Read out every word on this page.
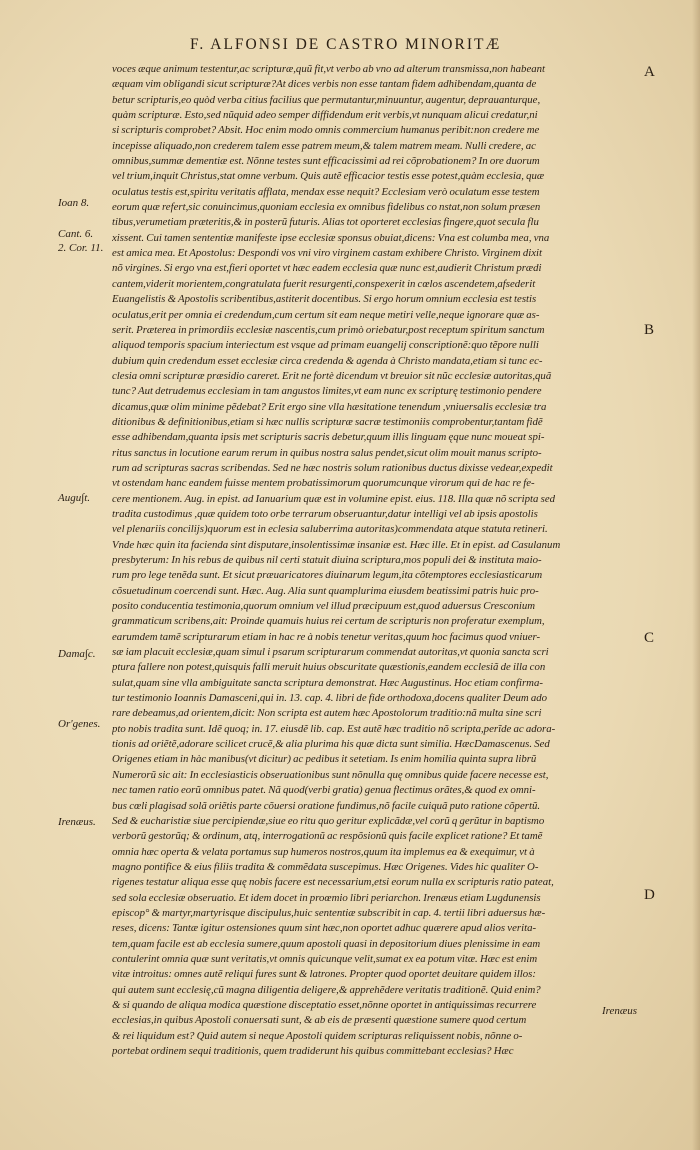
F. ALFONSI DE CASTRO MINORITÆ
voces æque animum testentur,ac scripturæ,quũ fit,vt verbo ab vno ad alterum transmissa,non habeant
æquam vim obligandi sicut scripturæ?At dices verbis non esse tantam fidem adhibendam,quanta de
betur scripturis,eo quòd verba citius facilius que permutantur,minuuntur, augentur, deprauanturque,
quàm scripturæ. Esto,sed nũquid adeo semper diffidendum erit verbis,vt nunquam alicui credatur,ni
si scripturis comprobet? Absit. Hoc enim modo omnis commercium humanus peribit:non credere me
incepisse aliquado,non crederem talem esse patrem meum,& talem matrem meam. Nulli credere, ac
omnibus,summæ dementiæ est. Nõnne testes sunt efficacissimi ad rei cõprobationem? In ore duorum
vel trium,inquit Christus,stat omne verbum. Quis autẽ efficacior testis esse potest,quàm ecclesia, quæ
oculatus testis est,spiritu veritatis afflata, mendax esse nequit? Ecclesiam verò oculatum esse testem
eorum quæ refert,sic conuincimus,quoniam ecclesia ex omnibus fidelibus co nstat,non solum præsen
tibus,verumetiam præteritis,& in posterũ futuris. Alias tot oporteret ecclesias fingere,quot secula flu
xissent. Cui tamen sententiæ manifeste ipse ecclesiæ sponsus obuiat,dicens: Vna est columba mea, vna
est amica mea. Et Apostolus: Despondi vos vni viro virginem castam exhibere Christo. Virginem dixit
nõ virgines. Si ergo vna est,fieri oportet vt hæc eadem ecclesia quæ nunc est,audierit Christum prædi
cantem,viderit morientem,congratulata fuerit resurgenti,conspexerit in cœlos ascendetem,afsederit
Euangelistis & Apostolis scribentibus,astiterit docentibus. Si ergo horum omnium ecclesia est testis
oculatus,erit per omnia ei credendum,cum certum sit eam neque metiri velle,neque ignorare quæ as-
serit. Præterea in primordiis ecclesiæ nascentis,cum primò oriebatur,post receptum spiritum sanctum
aliquod temporis spacium interiectum est vsque ad primam euangelij conscriptionẽ:quo tẽpore nulli
dubium quin credendum esset ecclesiæ circa credenda & agenda à Christo mandata,etiam si tunc ec-
clesia omni scripturæ præsidio careret. Erit ne fortè dicendum vt breuior sit nũc ecclesiæ autoritas,quã
tunc? Aut detrudemus ecclesiam in tam angustos limites,vt eam nunc ex scripturę testimonio pendere
dicamus,quæ olim minime pẽdebat? Erit ergo sine vlla hæsitatione tenendum ,vniuersalis ecclesiæ tra
ditionibus & definitionibus,etiam si hæc nullis scripturæ sacræ testimoniis comprobentur,tantam fidẽ
esse adhibendam,quanta ipsis met scripturis sacris debetur,quum illis linguam ęque nunc moueat spi-
ritus sanctus in locutione earum rerum in quibus nostra salus pendet,sicut olim mouit manus scripto-
rum ad scripturas sacras scribendas. Sed ne hæc nostris solum rationibus ductus dixisse vedear,expedit
vt ostendam hanc eandem fuisse mentem probatissimorum quorumcunque virorum qui de hac re fe-
cere mentionem. Aug. in epist. ad Ianuarium quæ est in volumine epist. eius. 118. Illa quæ nõ scripta sed
tradita custodimus ,quæ quidem toto orbe terrarum obseruantur,datur intelligi vel ab ipsis apostolis
vel plenariis concilijs)quorum est in eclesia saluberrima autoritas)commendata atque statuta retineri.
Vnde hæc quin ita facienda sint disputare,insolentissimæ insaniæ est. Hæc ille. Et in epist. ad Casulanum
presbyterum: In his rebus de quibus nil certi statuit diuina scriptura,mos populi dei & instituta maio-
rum pro lege tenẽda sunt. Et sicut præuaricatores diuinarum legum,ita cõtemptores ecclesiasticarum
cõsuetudinum coercendi sunt. Hæc. Aug. Alia sunt quamplurima eiusdem beatissimi patris huic pro-
posito conducentia testimonia,quorum omnium vel illud præcipuum est,quod aduersus Cresconium
grammaticum scribens,ait: Proinde quamuis huius rei certum de scripturis non proferatur exemplum,
earumdem tamẽ scripturarum etiam in hac re à nobis tenetur veritas,quum hoc facimus quod vniuer-
sæ iam placuit ecclesiæ,quam simul i psarum scripturarum commendat autoritas,vt quonia sancta scri
ptura fallere non potest,quisquis falli meruit huius obscuritate quæstionis,eandem ecclesiã de illa con
sulat,quam sine vlla ambiguitate sancta scriptura demonstrat. Hæc Augustinus. Hoc etiam confirma-
tur testimonio Ioannis Damasceni,qui in. 13. cap. 4. libri de fide orthodoxa,docens qualiter Deum ado
rare debeamus,ad orientem,dicit: Non scripta est autem hæc Apostolorum traditio:nã multa sine scri
pto nobis tradita sunt. Idẽ quoq; in. 17. eiusdẽ lib. cap. Est autẽ hæc traditio nõ scripta,perĩde ac adora-
tionis ad oriẽtẽ,adorare scilicet crucẽ,& alia plurima his quæ dicta sunt similia. HæcDamascenus. Sed
Origenes etiam in hàc manibus(vt dicitur) ac pedibus it setetiam. Is enim homilia quinta supra librũ
Numerorũ sic ait: In ecclesiasticis obseruationibus sunt nõnulla quę omnibus quide facere necesse est,
nec tamen ratio eorũ omnibus patet. Nã quod(verbi gratia) genua flectimus orãtes,& quod ex omni-
bus cœli plagisad solã oriẽtis parte cõuersi oratione fundimus,nõ facile cuiquã puto ratione cõpertũ.
Sed & eucharistiæ siue percipiendæ,siue eo ritu quo geritur explicãdæ,vel corũ q gerũtur in baptismo
verborũ gestorũq; & ordinum, atq, interrogationũ ac respõsionũ quis facile explicet ratione? Et tamẽ
omnia hæc operta & velata portamus sup humeros nostros,quum ita implemus ea & exequimur, vt à
magno pontifice & eius filiis tradita & commẽdata suscepimus. Hæc Origenes. Vides hic qualiter O-
rigenes testatur aliqua esse quę nobis facere est necessarium,etsi eorum nulla ex scripturis ratio pateat,
sed sola ecclesiæ obseruatio. Et idem docet in proœmio libri periarchon. Irenæus etiam Lugdunensis
episcop° & martyr,martyrisque discipulus,huic sententiæ subscribit in cap. 4. tertii libri aduersus hæ-
reses, dicens: Tantæ igitur ostensiones quum sint hæc,non oportet adhuc quærere apud alios verita-
tem,quam facile est ab ecclesia sumere,quum apostoli quasi in depositorium diues plenissime in eam
contulerint omnia quæ sunt veritatis,vt omnis quicunque velit,sumat ex ea potum vitæ. Hæc est enim
vitæ introitus: omnes autẽ reliqui fures sunt & latrones. Propter quod oportet deuitare quidem illos:
qui autem sunt ecclesię,cũ magna diligentia deligere,& apprehẽdere veritatis traditionẽ. Quid enim?
& si quando de aliqua modica quæstione disceptatio esset,nõnne oportet in antiquissimas recurrere
ecclesias,in quibus Apostoli conuersati sunt, & ab eis de præsenti quæstione sumere quod certum
& rei liquidum est? Quid autem si neque Apostoli quidem scripturas reliquissent nobis, nõnne o-
portebat ordinem sequi traditionis, quem tradiderunt his quibus committebant ecclesias? Hæc
Irenæus
Ioan 8.
Cant. 6.
2. Cor. 11.
Augu∫t.
Dama∫c.
Or'genes.
Irenæus.
A
B
C
D
